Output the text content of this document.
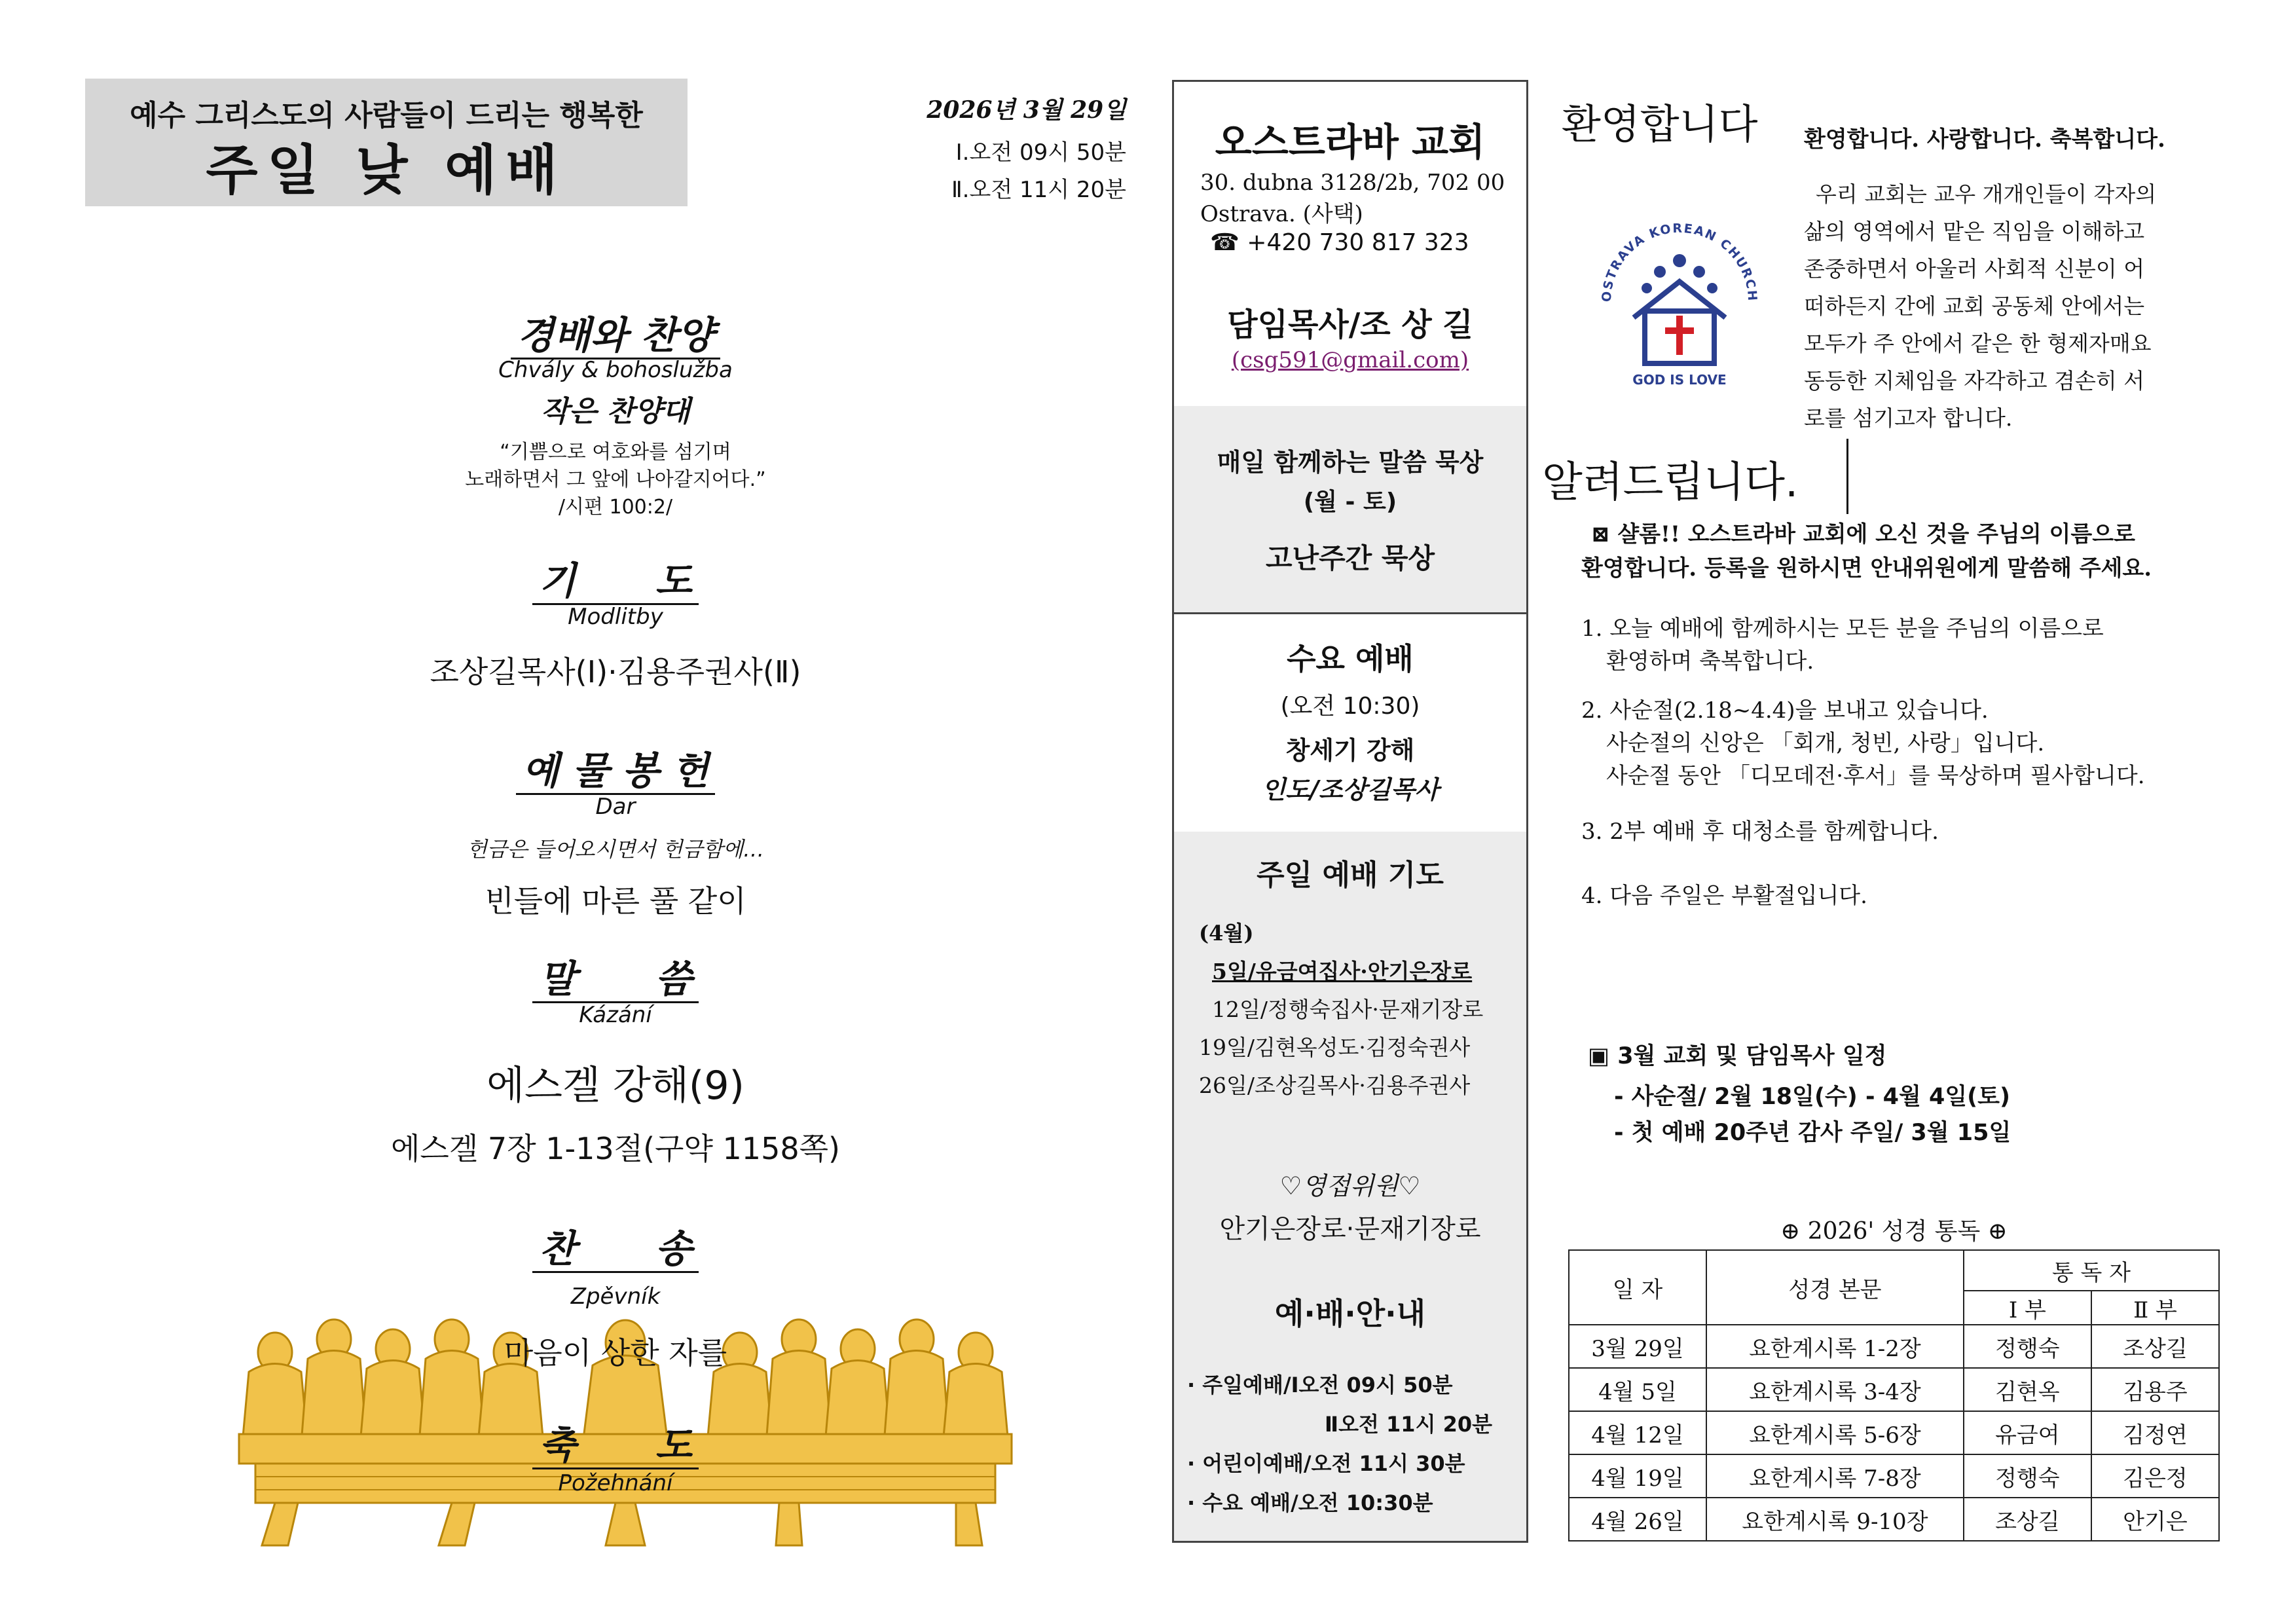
예수 그리스도의 사람들이 드리는 행복한
주일 낮 예배
2026년 3월 29일
Ⅰ.오전 09시 50분
Ⅱ.오전 11시 20분
경배와 찬양
Chvály & bohoslužba
작은 찬양대
“기쁨으로 여호와를 섬기며
노래하면서 그 앞에 나아갈지어다.”
/시편 100:2/
기      도
Modlitby
조상길목사(Ⅰ)·김용주권사(Ⅱ)
예 물 봉 헌
Dar
헌금은 들어오시면서 헌금함에…
빈들에 마른 풀 같이
말      씀
Kázání
에스겔 강해(9)
에스겔 7장 1-13절(구약 1158쪽)
찬      송
Zpěvník
마음이 상한 자를
축      도
Požehnání
오스트라바 교회
30. dubna 3128/2b, 702 00
Ostrava. (사택)
☎ +420 730 817 323
담임목사/조 상 길
(csg591@gmail.com)
매일 함께하는 말씀 묵상
(월 - 토)
고난주간 묵상
수요 예배
(오전 10:30)
창세기 강해
인도/조상길목사
주일 예배 기도
(4월)
5일/유금여집사·안기은장로
12일/정행숙집사·문재기장로
19일/김현옥성도·김정숙권사
26일/조상길목사·김용주권사
♡영접위원♡
안기은장로·문재기장로
예·배·안·내
· 주일예배/Ⅰ오전 09시 50분
Ⅱ오전 11시 20분
· 어린이예배/오전 11시 30분
· 수요 예배/오전 10:30분
환영합니다 환영합니다. 사랑합니다. 축복합니다.
OSTRAVA KOREAN CHURCH
GOD IS LOVE
우리 교회는 교우 개개인들이 각자의
삶의 영역에서 맡은 직임을 이해하고
존중하면서 아울러 사회적 신분이 어
떠하든지 간에 교회 공동체 안에서는
모두가 주 안에서 같은 한 형제자매요
동등한 지체임을 자각하고 겸손히 서
로를 섬기고자 합니다.
알려드립니다.
⊠ 샬롬!! 오스트라바 교회에 오신 것을 주님의 이름으로
환영합니다. 등록을 원하시면 안내위원에게 말씀해 주세요.
1. 오늘 예배에 함께하시는 모든 분을 주님의 이름으로
환영하며 축복합니다.
2. 사순절(2.18~4.4)을 보내고 있습니다.
사순절의 신앙은 「회개, 청빈, 사랑」입니다.
사순절 동안 「디모데전·후서」를 묵상하며 필사합니다.
3. 2부 예배 후 대청소를 함께합니다.
4. 다음 주일은 부활절입니다.
▣ 3월 교회 및 담임목사 일정
- 사순절/ 2월 18일(수) - 4월 4일(토)
- 첫 예배 20주년 감사 주일/ 3월 15일
⊕ 2026' 성경 통독 ⊕
일 자	성경 본문	통 독 자	
		Ⅰ 부	Ⅱ 부
3월 29일	요한계시록 1-2장	정행숙	조상길
4월 5일	요한계시록 3-4장	김현옥	김용주
4월 12일	요한계시록 5-6장	유금여	김정연
4월 19일	요한계시록 7-8장	정행숙	김은정
4월 26일	요한계시록 9-10장	조상길	안기은
